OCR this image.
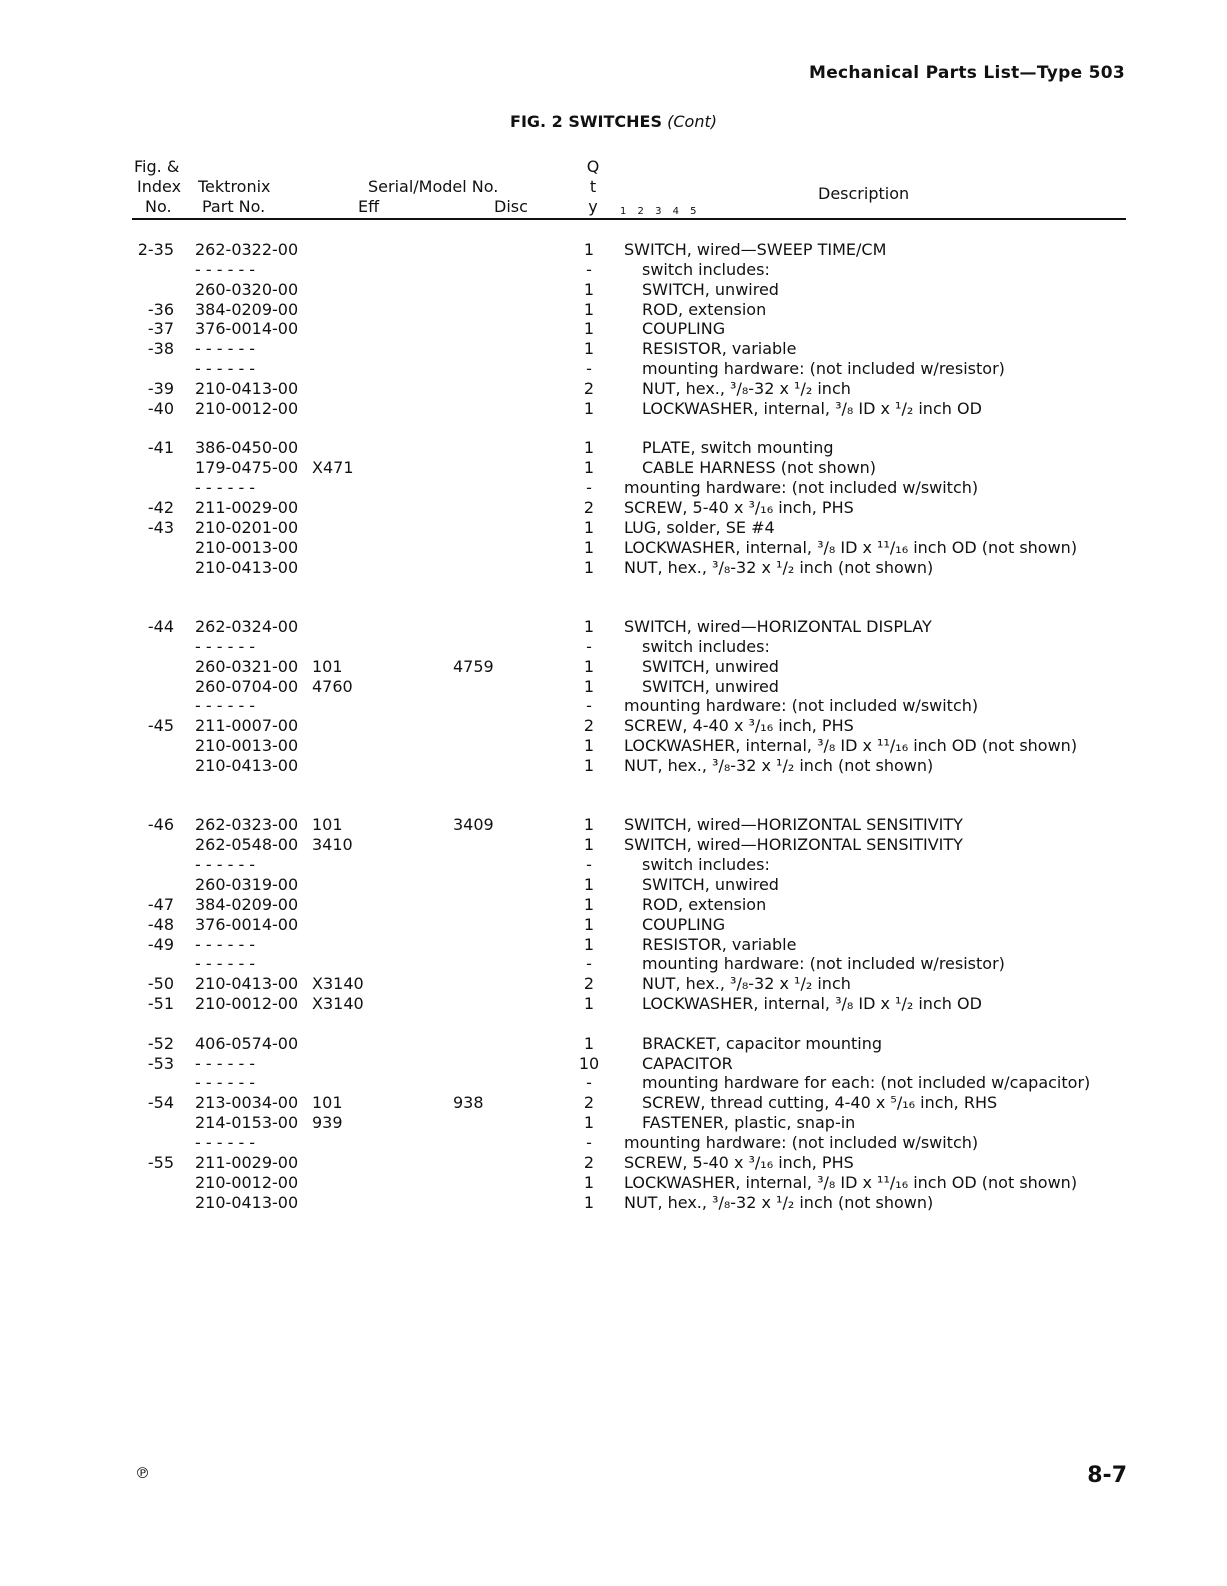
Mechanical Parts List—Type 503
FIG. 2 SWITCHES (Cont)
Fig. &
Index
No.
Tektronix
Part No.
Serial/Model No.
Eff	Disc
Q
t
y	1 2 3 4 5
Description
2-35 262-0322-00	1	SWITCH, wired—SWEEP TIME/CM
- - - - - -	-	switch includes:
260-0320-00	1	SWITCH, unwired
-36 384-0209-00	1	ROD, extension
-37 376-0014-00	1	COUPLING
-38 - - - - - -	1	RESISTOR, variable
- - - - - -	-	mounting hardware: (not included w/resistor)
-39 210-0413-00	2	NUT, hex., ³/₈-32 x ¹/₂ inch
-40 210-0012-00	1	LOCKWASHER, internal, ³/₈ ID x ¹/₂ inch OD
-41 386-0450-00	1	PLATE, switch mounting
179-0475-00 X471	1	CABLE HARNESS (not shown)
- - - - - -	-	mounting hardware: (not included w/switch)
-42 211-0029-00	2	SCREW, 5-40 x ³/₁₆ inch, PHS
-43 210-0201-00	1	LUG, solder, SE #4
210-0013-00	1	LOCKWASHER, internal, ³/₈ ID x ¹¹/₁₆ inch OD (not shown)
210-0413-00	1	NUT, hex., ³/₈-32 x ¹/₂ inch (not shown)
-44 262-0324-00	1	SWITCH, wired—HORIZONTAL DISPLAY
- - - - - -	-	switch includes:
260-0321-00 101	4759	1	SWITCH, unwired
260-0704-00 4760	1	SWITCH, unwired
- - - - - -	-	mounting hardware: (not included w/switch)
-45 211-0007-00	2	SCREW, 4-40 x ³/₁₆ inch, PHS
210-0013-00	1	LOCKWASHER, internal, ³/₈ ID x ¹¹/₁₆ inch OD (not shown)
210-0413-00	1	NUT, hex., ³/₈-32 x ¹/₂ inch (not shown)
-46 262-0323-00 101	3409	1	SWITCH, wired—HORIZONTAL SENSITIVITY
262-0548-00 3410	1	SWITCH, wired—HORIZONTAL SENSITIVITY
- - - - - -	-	switch includes:
260-0319-00	1	SWITCH, unwired
-47 384-0209-00	1	ROD, extension
-48 376-0014-00	1	COUPLING
-49 - - - - - -	1	RESISTOR, variable
- - - - - -	-	mounting hardware: (not included w/resistor)
-50 210-0413-00 X3140	2	NUT, hex., ³/₈-32 x ¹/₂ inch
-51 210-0012-00 X3140	1	LOCKWASHER, internal, ³/₈ ID x ¹/₂ inch OD
-52 406-0574-00	1	BRACKET, capacitor mounting
-53 - - - - - -	10	CAPACITOR
- - - - - -	-	mounting hardware for each: (not included w/capacitor)
-54 213-0034-00 101	938	2	SCREW, thread cutting, 4-40 x ⁵/₁₆ inch, RHS
214-0153-00 939	1	FASTENER, plastic, snap-in
- - - - - -	-	mounting hardware: (not included w/switch)
-55 211-0029-00	2	SCREW, 5-40 x ³/₁₆ inch, PHS
210-0012-00	1	LOCKWASHER, internal, ³/₈ ID x ¹¹/₁₆ inch OD (not shown)
210-0413-00	1	NUT, hex., ³/₈-32 x ¹/₂ inch (not shown)
℗	8-7
